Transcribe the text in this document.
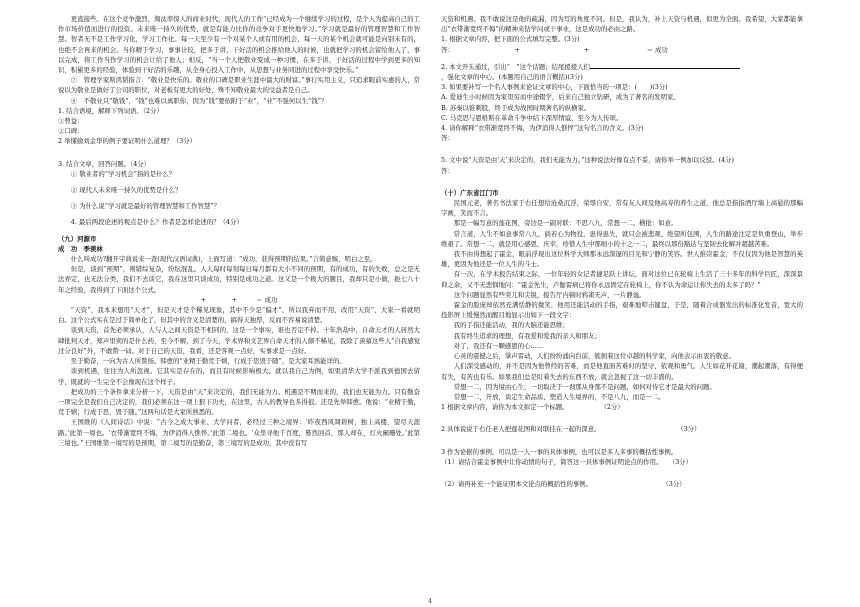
更直接些。在这个竞争激烈、淘汰率惊人的商业时代，现代人的工作“已经成为一个继续学习的过程，是个人为提高自己的工作市场价值而进行的投资。未来唯一持久的优势，就是有能力比你的竞争对手更快地学习。”学习就是最好的管理智慧和工作智慧。智者无不是工作学习化，学习工作化。每一天至少有一个对某个人或有用的机会，每一天的某个机会就可能是向别未有的，也绝不会再来的机会。当你精于学习，事事计较，把多于讲，干好活的机会推给他人的时候，也就把学习的机会留给他人了，事以完成，将工作当作学习的机会让给了他人；相反，“当一个人把敬业变成一种习惯，在多于讲，干好活的过程中学到更多的知识，积累更多的经验，体验到干好活的乐趣，从全身心投入工作中，从思想与业务同进的过程中享受快乐。”

⑦　管理学家斯鸿韬指言：“敬业是快乐的。敬业的口碑是职业生涯中最大的财富。”事行实用主义，只追求眼前实惠的人，常说以为敬业是做好了公司的职位，对老板有更大的好处，殊不知敬业最大的受益者是自己。

⑧　不敬业只“敬钱”，“钱”也难以离职你，因为“钱”要依附于“业”，“业”不强何以生“钱”？

1. 结合语境，解释下列词语。（2分）

①曾益：

②口碑：

2 举懂偷刘金华的例子要证明什么道理？（3分）

3. 结合文章，回答问题。（4分）

① 敬业者的“学习机会”指的是什么？

② 现代人未来唯一持久的优势是什么？

③ 为什么说“学习就是最好的管理智慧和工作智慧”？

4. 最后两段论述的观点是什么？作者是怎样论述的？（4分）

（九）河源市

成　功　季羡林

什么叫成功?翻开字典说来一查(现代汉语词典)，上面写道：“成功，获得预期的结果。”言简意赅，明白之至。

但是，谈到“预期”，则错综复杂，纷纭混乱。人人每时每刻每日每月都有大小不同的预期，有的成功，有的失败，总之是无法弄定，也无法分类，我们不去谈它，我在这里只谈成功，特别是成功之道。这又是一个极大的题目，我却只是小做，扼七八十年之经验，我得到了下面这个公式。

+　　　　+　　　＝ 成功

“天资”，我本来想用“天才”，但是天才是个稀见现象，其中不少是“偏才”，所以我弃而不用，改用“天资”，大家一看就明白。这个公式实在是过于简单化了，但其中的含义是清楚的，搞得天独厚，反而不容易说清楚。

谈到天资，首先必须承认，人与人之间天资是不相同的，这是一个事实，谁也否定不掉。十年浩劫中，自命天才的人居然大肆批判天才，郑声里卖的是什么药，至今不解，到了今天，学术界和文艺界自命天才的人颇不稀见，我除了羡慕这些人“自我感觉过分良好”外，不敢赞一词。对于自己的天资，我看，还是客观一点好，实事求是一点好。

至于勤奋，一向为古人所赞扬。韩愈的“业精于勤荒于嬉，行成于思毁于随”，是大家耳熟能详的。

谈到机遇，往往为人所忽视。它其实是存在的，而且有时候影响极大。就以我自己为例，如果清华大学不派我到德国去留学，既就的一生完全不会像现在这个样子。

把成功的三个条件拿来分析一下，天资是由“天”来决定的，我们无能为力。机遇是不期而来的，我们也无能为力。只有勤奋一项完全是我们自己决定的，我们必须在这一项上狠下功夫，在这里，古人的教导也多得很。还是先举韩愈。他说：“业精于勤，荒于嬉；行成于思，毁于随。”这两句话是大家所熟悉的。

王国维的《人间诗话》中说：“古今之成大事业、大学问者，必经过三种之境界：‘昨夜西风凋碧树，独上高楼，望尽天涯路。’此第一境也。‘衣带渐宽终不悔，为伊消得人憔悴。’此第二境也。‘众里寻他千百度，蓦然回首，那人却在，灯火阑珊处。’此第三境也。”王国维第一境写的是预期，第二境写的是勤奋，第三境写的是成功，其中没有写

天资和机遇。我不敢说这是他的疏漏，因为写的角度不同。但是，我认为，补上天资与机遇，似更为全面。我希望，大家都能拿出“衣带渐宽终不悔”的精神来钻学问或干事业，这是成功的必由之路。

1. 根据文章内容，把下面的公式填写完整。(3分)

答：　　　　　　　　　　+　　　　　　　　　　+　　　　　　　　　＝ 成功

2. 本文开头通过，引出“　”这个话题；结尾援援人们

，强化文章的中心。(本题用自己的语言概括)(3分)

3. 如果要补写一个名人事例来论证文章的中心，下面恰当的一项是：(　　)(3分)

A. 爱迪生小时候因为家里穷而中途辍学，后来自己独立钻研，成为了著名的发明家。

B. 苏秦以锥刺股，终于成为战国时期著名的纵横家。

C. 马克思与恩格斯在革命斗争中结下深厚情谊，至今为人传颂。

4. 请你解释“衣带渐宽终不悔，为伊消得人憔悴”这句名言的含义。(3分)

答：

5. 文中说“天资是由‘天’来决定的，我们无能为力。”这种说法好像有点不妥，请你举一例加以反驳。(4分)

答：

（十）广东省江门市

民国元老，著名书法家于右任想给沧桑沉浮，荣辱自安，常有友人间及他高寿的养生之道，他总是指指酒厅墙上高悬的那幅字画，笑而不言。

那是一幅写意的莲花图，旁边是一副对联：不思八九，常想一二。横批：如意。

常言道，人生不如意事常八九，倘若心为物役，患得患失，就只会被悲观、绝望所包围，人生的路途注定是负重登山，举步维艰了。常想一二，就是用心感恩，庆幸，珍惜人生中那细小的十之一二，最终以那份豁达与坚韧去化解并超越苦难。

我不由得想起了霍金，眼前浮现出这位科学大师那永远深邃的目光和宁静的笑容。世人推崇霍金，不仅仅因为他是智慧的英雄，更因为他还是一位人生的斗士。

有一次，在学术报告结束之际，一位年轻的女记者捷足跃上讲坛，面对这位已在轮椅上生活了三十多年的科学巨匠，深深景仰之余，又不无悲悯地问：“霍金先生，卢伽雷病已将你永远固定在轮椅上，你不认为命运让你失去的太多了吗？”

这个问题显然有些突兀和尖锐，报告厅内顿时鸦雀无声，一片静谧。

霍金的脸庞却依然充满恬静的微笑，他用还能活动的手指，艰难地叩击键盘，于是，随着合成器发出的标准化发音，宽大的投影屏上缓慢然而醒目地显示出如下一段文字：

我的手指还能活动，我的大脑还能思维；

我有终生追求的理想，有我爱和爱我的亲人和朋友；

对了，我还有一颗感恩的心……

心灵的震撼之后，掌声雷动，人们纷纷涌向台前，簇拥着这位卓越的科学家，向他表示由衷的敬意。

人们深受感动的，并不是因为他曾经的苦难，而是他直面苦难时的坚守、依观和勇气。人生如花开花谢，潮起潮落，有得便有失，有苦也有乐。如果我们总是盯着失去的东西不放，就会忽视了这一切丰盛的。

常想一二，因为境由心生，一切取决于一刹那从身那不是问题，如何对待它才是最大的问题。

常想一二，开放，谈定生命品质、塑造人生境界的，不是八九，而是一二。

1 根据文章内容，请你为本文拟定一个标题。　　　　　　（2分）

2 具体说说于右任老人把莲花图和对联挂在一起的深意。　　　　　　　　　　　　　（3分）

3 作为论据的事例，可以是一人一事的具体事例，也可以是多人多事的概括性事例。

（1）请结合霍金事例中让你动情的句子，简答这一具体事例证明论点的作用。　　（3分）

（2）请再补充一个能证明本文论点的概括性的事例。　　　　　　　　　　　　（3分）

4
